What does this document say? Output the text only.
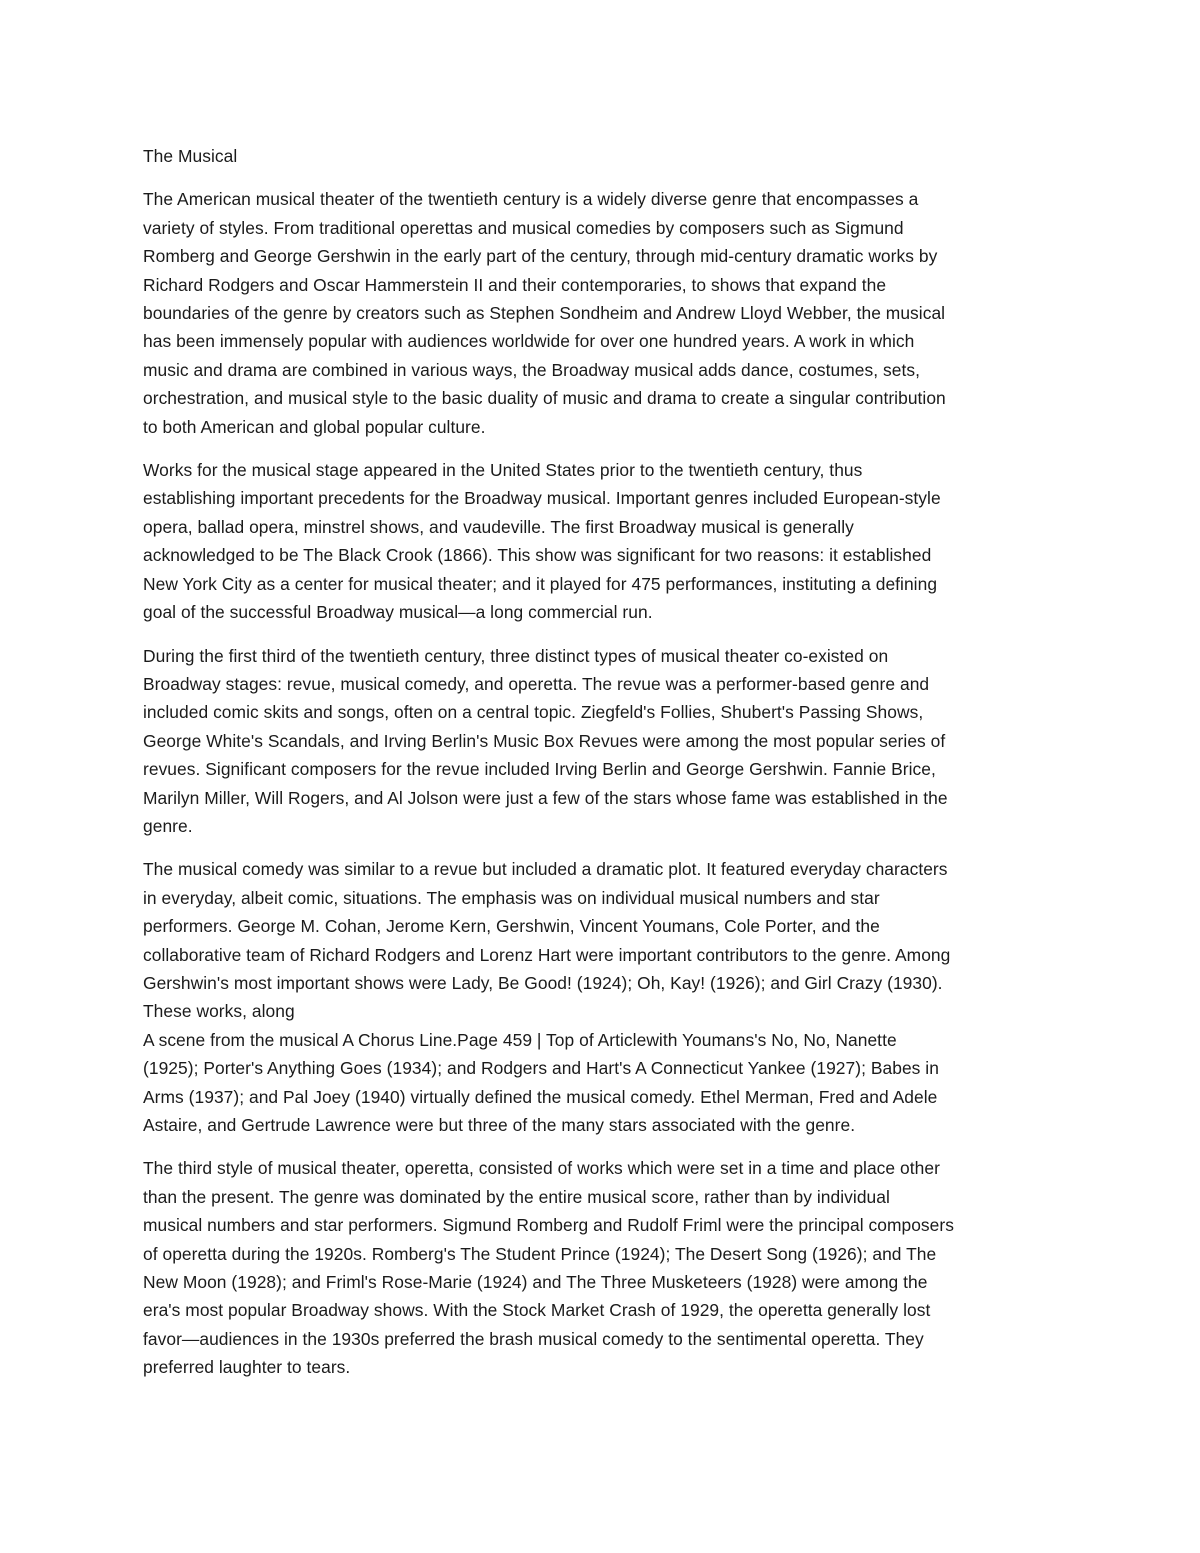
The Musical

The American musical theater of the twentieth century is a widely diverse genre that encompasses a
variety of styles. From traditional operettas and musical comedies by composers such as Sigmund
Romberg and George Gershwin in the early part of the century, through mid-century dramatic works by
Richard Rodgers and Oscar Hammerstein II and their contemporaries, to shows that expand the
boundaries of the genre by creators such as Stephen Sondheim and Andrew Lloyd Webber, the musical
has been immensely popular with audiences worldwide for over one hundred years. A work in which
music and drama are combined in various ways, the Broadway musical adds dance, costumes, sets,
orchestration, and musical style to the basic duality of music and drama to create a singular contribution
to both American and global popular culture.

Works for the musical stage appeared in the United States prior to the twentieth century, thus
establishing important precedents for the Broadway musical. Important genres included European-style
opera, ballad opera, minstrel shows, and vaudeville. The first Broadway musical is generally
acknowledged to be The Black Crook (1866). This show was significant for two reasons: it established
New York City as a center for musical theater; and it played for 475 performances, instituting a defining
goal of the successful Broadway musical—a long commercial run.

During the first third of the twentieth century, three distinct types of musical theater co-existed on
Broadway stages: revue, musical comedy, and operetta. The revue was a performer-based genre and
included comic skits and songs, often on a central topic. Ziegfeld's Follies, Shubert's Passing Shows,
George White's Scandals, and Irving Berlin's Music Box Revues were among the most popular series of
revues. Significant composers for the revue included Irving Berlin and George Gershwin. Fannie Brice,
Marilyn Miller, Will Rogers, and Al Jolson were just a few of the stars whose fame was established in the
genre.

The musical comedy was similar to a revue but included a dramatic plot. It featured everyday characters
in everyday, albeit comic, situations. The emphasis was on individual musical numbers and star
performers. George M. Cohan, Jerome Kern, Gershwin, Vincent Youmans, Cole Porter, and the
collaborative team of Richard Rodgers and Lorenz Hart were important contributors to the genre. Among
Gershwin's most important shows were Lady, Be Good! (1924); Oh, Kay! (1926); and Girl Crazy (1930).
These works, along
A scene from the musical A Chorus Line.Page 459 | Top of Articlewith Youmans's No, No, Nanette
(1925); Porter's Anything Goes (1934); and Rodgers and Hart's A Connecticut Yankee (1927); Babes in
Arms (1937); and Pal Joey (1940) virtually defined the musical comedy. Ethel Merman, Fred and Adele
Astaire, and Gertrude Lawrence were but three of the many stars associated with the genre.

The third style of musical theater, operetta, consisted of works which were set in a time and place other
than the present. The genre was dominated by the entire musical score, rather than by individual
musical numbers and star performers. Sigmund Romberg and Rudolf Friml were the principal composers
of operetta during the 1920s. Romberg's The Student Prince (1924); The Desert Song (1926); and The
New Moon (1928); and Friml's Rose-Marie (1924) and The Three Musketeers (1928) were among the
era's most popular Broadway shows. With the Stock Market Crash of 1929, the operetta generally lost
favor—audiences in the 1930s preferred the brash musical comedy to the sentimental operetta. They
preferred laughter to tears.
